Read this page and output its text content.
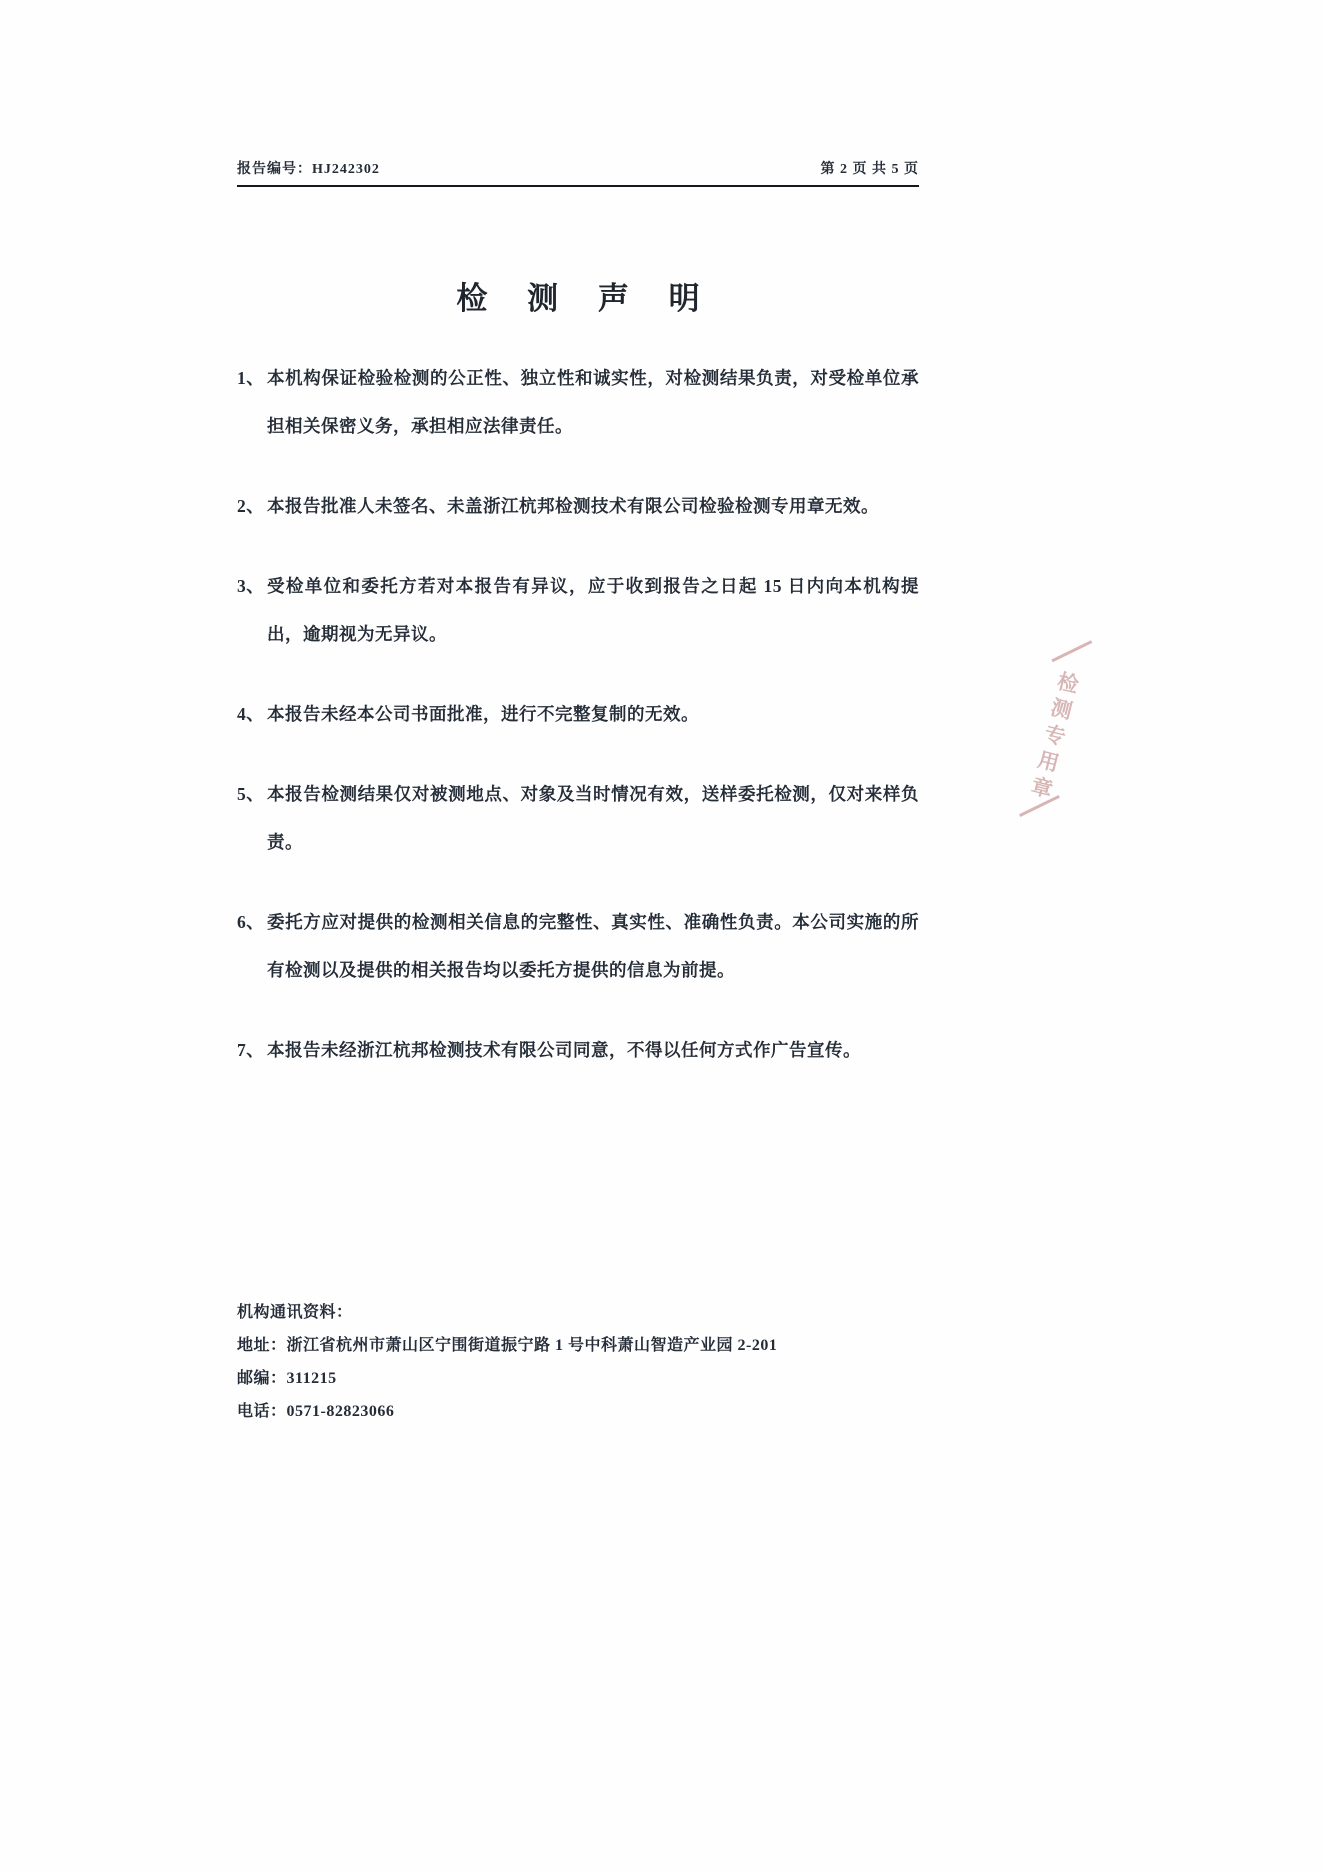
报告编号：HJ242302	第 2 页 共 5 页
检 测 声 明
1、 本机构保证检验检测的公正性、独立性和诚实性，对检测结果负责，对受检单位承担相关保密义务，承担相应法律责任。
2、 本报告批准人未签名、未盖浙江杭邦检测技术有限公司检验检测专用章无效。
3、 受检单位和委托方若对本报告有异议，应于收到报告之日起 15 日内向本机构提出，逾期视为无异议。
4、 本报告未经本公司书面批准，进行不完整复制的无效。
5、 本报告检测结果仅对被测地点、对象及当时情况有效，送样委托检测，仅对来样负责。
6、 委托方应对提供的检测相关信息的完整性、真实性、准确性负责。本公司实施的所有检测以及提供的相关报告均以委托方提供的信息为前提。
7、 本报告未经浙江杭邦检测技术有限公司同意，不得以任何方式作广告宣传。
机构通讯资料：
地址：浙江省杭州市萧山区宁围街道振宁路 1 号中科萧山智造产业园 2-201
邮编：311215
电话：0571-82823066
检测专用章
